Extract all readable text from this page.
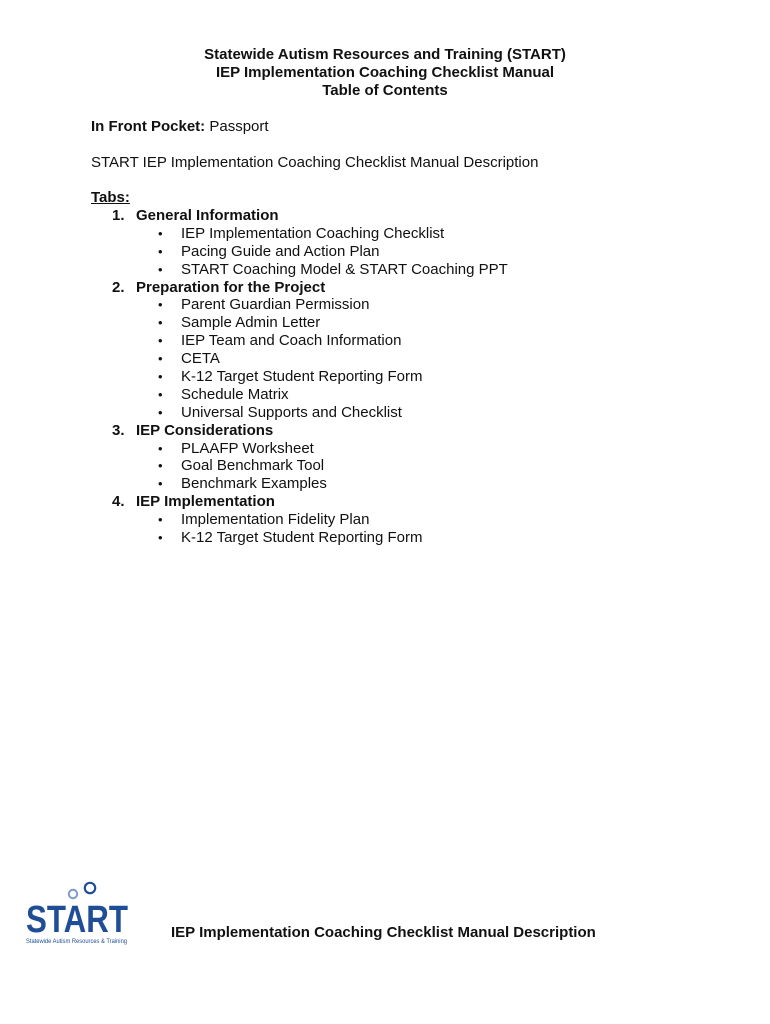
Statewide Autism Resources and Training (START)
IEP Implementation Coaching Checklist Manual
Table of Contents
In Front Pocket: Passport
START IEP Implementation Coaching Checklist Manual Description
Tabs:
1. General Information
• IEP Implementation Coaching Checklist
• Pacing Guide and Action Plan
• START Coaching Model & START Coaching PPT
2. Preparation for the Project
• Parent Guardian Permission
• Sample Admin Letter
• IEP Team and Coach Information
• CETA
• K-12 Target Student Reporting Form
• Schedule Matrix
• Universal Supports and Checklist
3. IEP Considerations
• PLAAFP Worksheet
• Goal Benchmark Tool
• Benchmark Examples
4. IEP Implementation
• Implementation Fidelity Plan
• K-12 Target Student Reporting Form
START
Statewide Autism Resources & Training
IEP Implementation Coaching Checklist Manual Description
